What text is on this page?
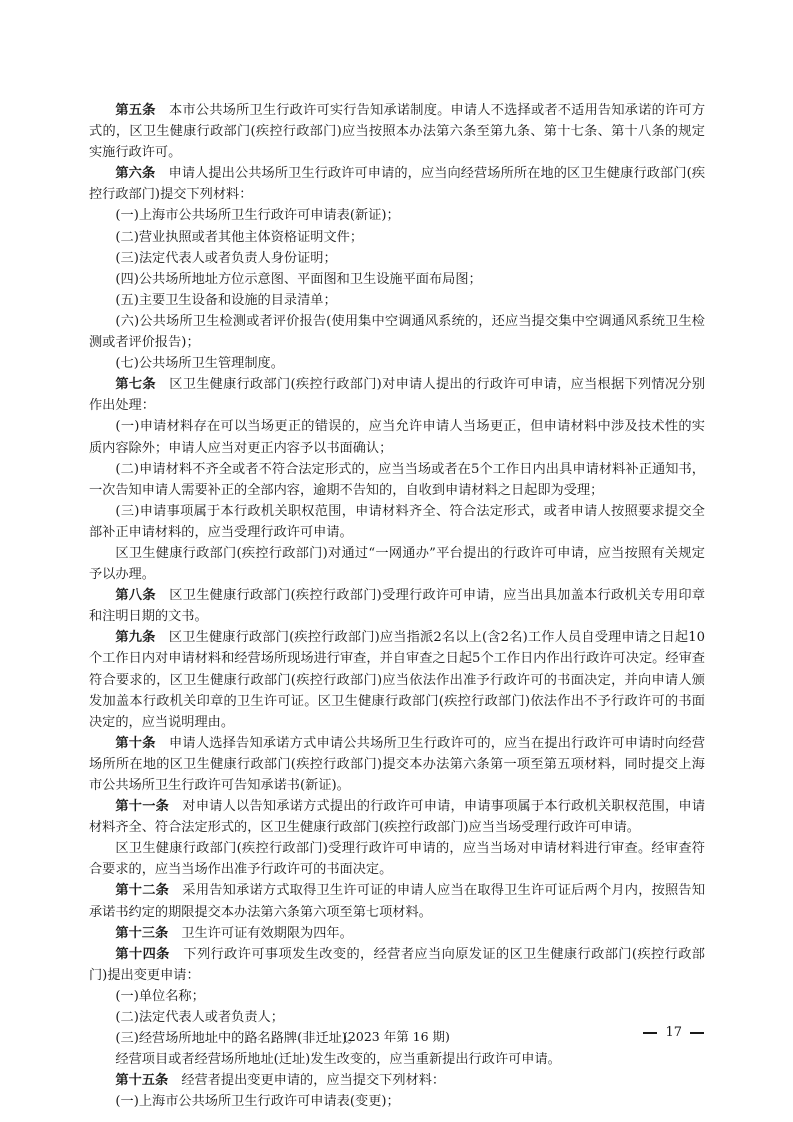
第五条　 本市公共场所卫生行政许可实行告知承诺制度。申请人不选择或者不适用告知承诺的许可方式的，区卫生健康行政部门(疾控行政部门)应当按照本办法第六条至第九条、第十七条、第十八条的规定实施行政许可。

第六条　 申请人提出公共场所卫生行政许可申请的，应当向经营场所所在地的区卫生健康行政部门(疾控行政部门)提交下列材料：

(一)上海市公共场所卫生行政许可申请表(新证)；

(二)营业执照或者其他主体资格证明文件；

(三)法定代表人或者负责人身份证明；

(四)公共场所地址方位示意图、平面图和卫生设施平面布局图；

(五)主要卫生设备和设施的目录清单；

(六)公共场所卫生检测或者评价报告(使用集中空调通风系统的，还应当提交集中空调通风系统卫生检测或者评价报告)；

(七)公共场所卫生管理制度。

第七条　 区卫生健康行政部门(疾控行政部门)对申请人提出的行政许可申请，应当根据下列情况分别作出处理：

(一)申请材料存在可以当场更正的错误的，应当允许申请人当场更正，但申请材料中涉及技术性的实质内容除外；申请人应当对更正内容予以书面确认；

(二)申请材料不齐全或者不符合法定形式的，应当当场或者在5个工作日内出具申请材料补正通知书，一次告知申请人需要补正的全部内容，逾期不告知的，自收到申请材料之日起即为受理；

(三)申请事项属于本行政机关职权范围，申请材料齐全、符合法定形式，或者申请人按照要求提交全部补正申请材料的，应当受理行政许可申请。

区卫生健康行政部门(疾控行政部门)对通过“一网通办”平台提出的行政许可申请，应当按照有关规定予以办理。

第八条　 区卫生健康行政部门(疾控行政部门)受理行政许可申请，应当出具加盖本行政机关专用印章和注明日期的文书。

第九条　 区卫生健康行政部门(疾控行政部门)应当指派2名以上(含2名)工作人员自受理申请之日起10个工作日内对申请材料和经营场所现场进行审查，并自审查之日起5个工作日内作出行政许可决定。经审查符合要求的，区卫生健康行政部门(疾控行政部门)应当依法作出准予行政许可的书面决定，并向申请人颁发加盖本行政机关印章的卫生许可证。区卫生健康行政部门(疾控行政部门)依法作出不予行政许可的书面决定的，应当说明理由。

第十条　 申请人选择告知承诺方式申请公共场所卫生行政许可的，应当在提出行政许可申请时向经营场所所在地的区卫生健康行政部门(疾控行政部门)提交本办法第六条第一项至第五项材料，同时提交上海市公共场所卫生行政许可告知承诺书(新证)。

第十一条　 对申请人以告知承诺方式提出的行政许可申请，申请事项属于本行政机关职权范围，申请材料齐全、符合法定形式的，区卫生健康行政部门(疾控行政部门)应当当场受理行政许可申请。

区卫生健康行政部门(疾控行政部门)受理行政许可申请的，应当当场对申请材料进行审查。经审查符合要求的，应当当场作出准予行政许可的书面决定。

第十二条　 采用告知承诺方式取得卫生许可证的申请人应当在取得卫生许可证后两个月内，按照告知承诺书约定的期限提交本办法第六条第六项至第七项材料。

第十三条　 卫生许可证有效期限为四年。

第十四条　 下列行政许可事项发生改变的，经营者应当向原发证的区卫生健康行政部门(疾控行政部门)提出变更申请：

(一)单位名称；

(二)法定代表人或者负责人；

(三)经营场所地址中的路名路牌(非迁址)。

经营项目或者经营场所地址(迁址)发生改变的，应当重新提出行政许可申请。

第十五条　 经营者提出变更申请的，应当提交下列材料：

(一)上海市公共场所卫生行政许可申请表(变更)；

(2023 年第 16 期)	17
